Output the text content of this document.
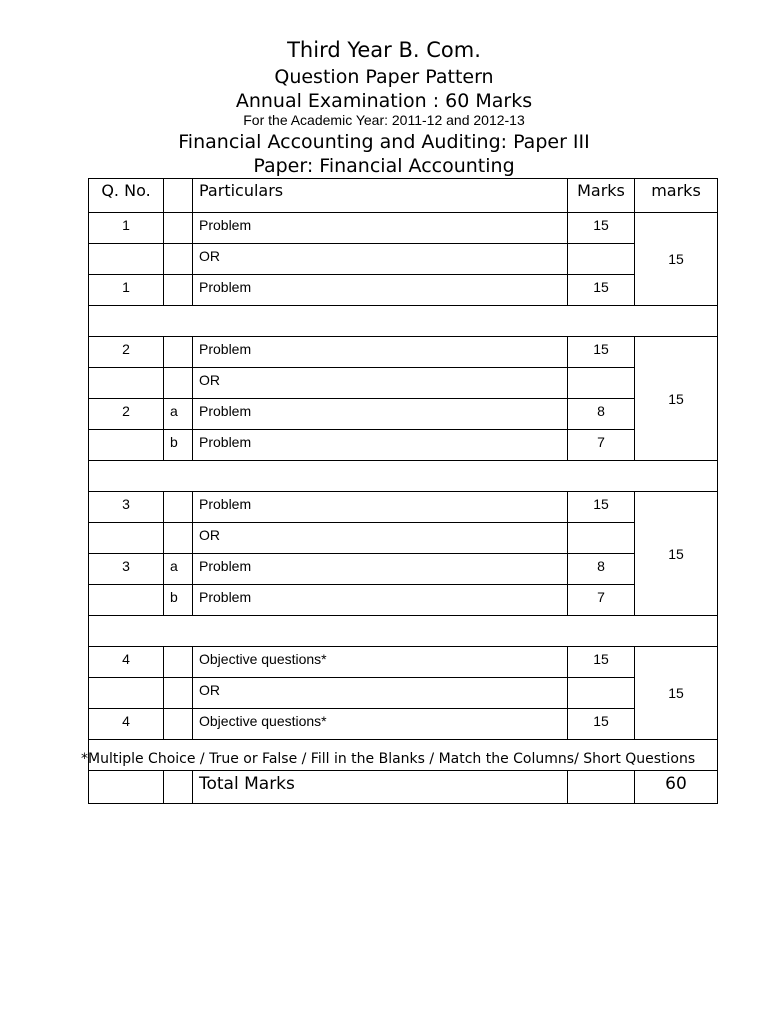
Third Year B. Com.
Question Paper Pattern
Annual Examination : 60 Marks
For the Academic Year: 2011-12 and 2012-13
Financial Accounting and Auditing: Paper III
Paper: Financial Accounting
Q. No.		Particulars	Marks	marks
1		Problem	15	15
		OR		
1		Problem	15	

2		Problem	15	15
		OR		
2	a	Problem	8	
	b	Problem	7	

3		Problem	15	15
		OR		
3	a	Problem	8	
	b	Problem	7	

4		Objective questions*	15	15
		OR		
4		Objective questions*	15	

		Total Marks		60
*Multiple Choice / True or False / Fill in the Blanks / Match the Columns/ Short Questions
